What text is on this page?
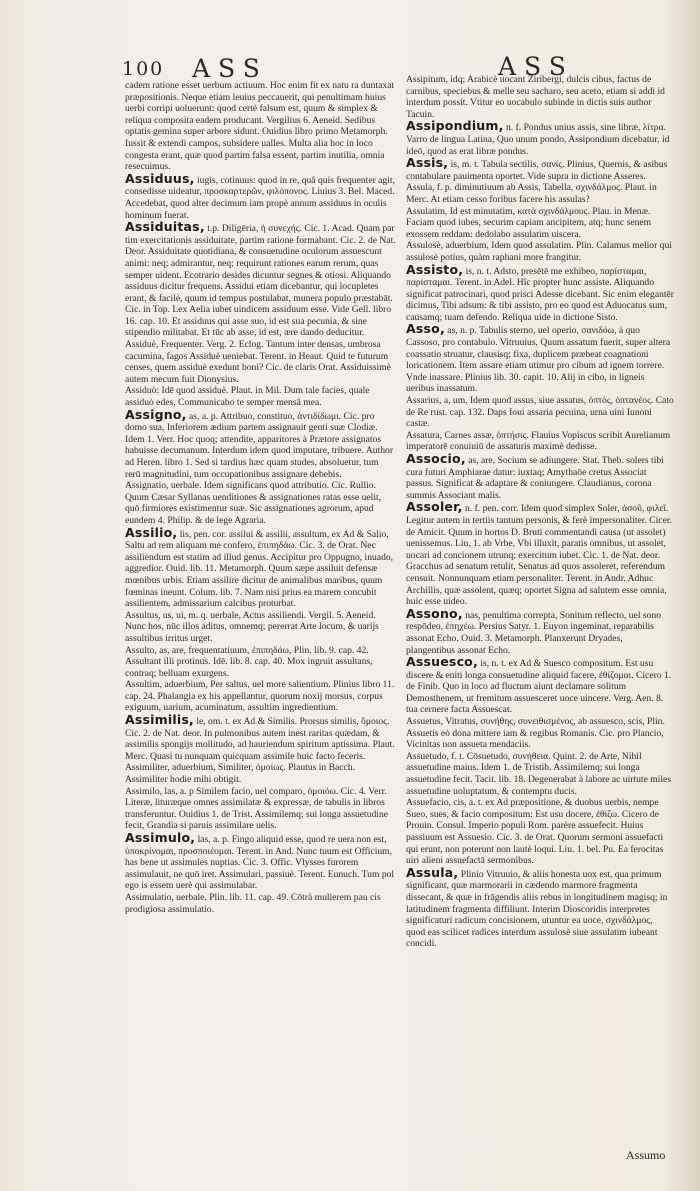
100 ASS	ASS
cadem ratione esset uerbum actiuum. Hoc enim fit ex natu ra duntaxat præpositionis. Neque etiam leuius peccauerit, qui penultimam huius uerbi corripi uoluerunt: quod certè falsum est, quum & simplex & reliqua composita eadem producant. Vergilius 6. Aeneid. Sedibus optatis gemina super arbore sidunt. Ouidius libro primo Metamorph. Iussit & extendi campos, subsidere ualles. Multa alia hoc in loco congesta erant, quæ quod partim falsa essent, partim inutilia, omnia resecuimus.
Assiduus, iugis, cotinuus: quod in re, quâ quis frequenter agit, consedisse uideatur, προσκαρτερῶν, φιλόπονος. Liuius 3. Bel. Maced. Accedebat, quod alter decimum iam propè annum assiduus in oculis hominum fuerat.
Assiduitas, t.p. Diligēria, ἡ συνεχής. Cic. 1. Acad. Quam par tim exercitationis assiduitate, partim ratione formabant. Cic. 2. de Nat. Deor. Assiduitate quotidiana, & consuetudine oculorum assuescunt animi: neq; admirantur, neq; requirunt rationes earum rerum, quas semper uident. Ecotrario desides dicuntur segnes & otiosi. Aliquando assiduus dicitur frequens. Assidui etiam dicebantur, qui locupletes erant, & facilè, quum id tempus postulabat, munera populo præstabāt. Cic. in Top. Lex Aelia iubet uindicem assiduum esse. Vide Gell. libro 16. cap. 10. Et assiduus qui asse suo, id est sua pecunia, & sine stipendio militabat. Et tūc ab asse, id est, ære dando deducitur.
Assiduè, Frequenter. Verg. 2. Eclog. Tantum inter densas, umbrosa cacumina, fagos Assiduè ueniebat. Terent. in Heaut. Quid te futurum censes, quem assiduè exedunt boni? Cic. de claris Orat. Assiduissimè autem mecum fuit Dionysius.
Assiduò: Idē quod assiduè. Plaut. in Mil. Dum tale facies, quale assiduò edes, Communicabo te semper mensâ mea.
Assigno, as, a. p. Attribuo, constituo, ἀντιδίδωμι. Cic. pro domo sua, Inferiorem ædium partem assignauit genti suæ Clodiæ. Idem 1. Verr. Hoc quoq; attendite, apparitores à Prætore assignatos habuisse decumanum. Interdum idem quod imputare, tribuere. Author ad Heren. libro 1. Sed si tardius hæc quam studes, absoluetur, tum rerū magnitudini, tum occupationibus assignare debebis.
Assignatio, uerbale. Idem significans quod attributio. Cic. Rullio. Quum Cæsar Syllanas uenditiones & assignationes ratas esse uelit, quō firmiores existimentur suæ. Sic assignationes agrorum, apud eundem 4. Philip. & de lege Agraria.
Assilio, lis, pen. cor. assilui & assilii, assultum, ex Ad & Salio, Saltu ad rem aliquam me confero, ἐπιπηδάω. Cic. 3. de Orat. Nec assiliendum est statim ad illud genus. Accipitur pro Oppugno, inuado, aggredior. Ouid. lib. 11. Metamorph. Quum sæpe assiluit defensæ mœnibus urbis. Etiam assilire dicitur de animalibus maribus, quum fœminas ineunt. Colum. lib. 7. Nam nisi prius ea marem concubit assilientem, admissarium calcibus proturbat.
Assultus, us, ui, m. q. uerbale, Actus assiliendi. Vergil. 5. Aeneid. Nunc hos, nūc illos aditus, omnemq; pererrat Arte locum, & uarijs assultibus irritus urget.
Assulto, as, are, frequentatiuum, ἐπιπηδάω, Plin. lib. 9. cap. 42. Assultant illi protinus. Idē. lib. 8. cap. 40. Mox ingruit assultans, contraq; belluam exurgens.
Assultim, aduerbium, Per saltus, uel more salientium. Plinius libro 11. cap. 24. Phalangia ex his appellantur, quorum noxij morsus, corpus exiguum, uarium, acuminatum, assultim ingredientium.
Assimilis, le, om. t. ex Ad & Similis. Prorsus similis, ὅμοιος. Cic. 2. de Nat. deor. In pulmonibus autem inest raritas quædam, & assimilis spongijs mollitudo, ad hauriendum spiritum aptissima. Plaut. Merc. Quasi tu nunquam quicquam assimile huic facto feceris.
Assimiliter, aduerbium, Similiter, ὁμοίως. Plautus in Bacch. Assimiliter hodie mihi obtigit.
Assimilo, las, a. p Similem facio, uel comparo, ὁμοιόω. Cic. 4. Verr. Literæ, lituræque omnes assimilatæ & expressæ, de tabulis in libros transferuntur. Ouidius 1. de Trist. Assimilemq; sui longa assuetudine fecit, Grandia si paruis assimilare uelis.
Assimulo, las, a. p. Fingo aliquid esse, quod re uera non est, ὑποκρίνομαι, προσποιέομαι. Terent. in And. Nunc tuum est Officium, has bene ut assimules nuptias. Cic. 3. Offic. Vlysses furorem assimulauit, ne quō iret. Assimulari, passiuè. Terent. Eunuch. Tum pol ego is essem uerè qui assimulabar.
Assimulatio, uerbale. Plin. lib. 11. cap. 49. Cōtrà mulierem pau cis prodigiosa assimulatio.
Assipitum, idq; Arabicè uocant Ziribergi, dulcis cibus, factus de carnibus, speciebus & melle seu sacharo, seu aceto, etiam si addi id interdum possit. Vtitur eo uocabulo subinde in dictis suis author Tacuin.
Assipondium, n. f. Pondus unius assis, sine libræ, λίτρα. Varro de lingua Latina, Quo unum pondo, Assipondium dicebatur, id ideō, quod as erat libræ pondus.
Assis, is, m. t. Tabula sectilis, σανίς. Plinius, Quernis, & asibus contabulare pauimenta oportet. Vide supra in dictione Asseres.
Assula, f. p. diminutiuum ab Assis, Tabella, σχινδάλμος. Plaut. in Merc. At etiam cesso foribus facere his assulas?
Assulatim, Id est minutatim, κατὰ σχινδάλμους. Plau. in Menæ. Faciam quod iubes, securim capiam ancipitem, atq; hunc senem exossem reddam: dedolabo assulatim uiscera.
Assulosè, aduerbium, Idem quod assulatim. Plin. Calamus melior qui assulosè potius, quàm raphani more frangitur.
Assisto, is, n. t. Adsto, presētē me exhibeo, παρίσταμαι, παρίσταμαι. Terent. in Adel. Hîc propter hunc assiste. Aliquando significat patrocinari, quod prisci Adesse dicebant. Sic enim elegantēr dicimus, Tibi adsum: & tibi assisto, pro eo quod est Aduocatus sum, causamq; tuam defendo. Reliqua uide in dictione Sisto.
Asso, as, n. p. Tabulis sterno, uel operio, σανιδόω, à quo Cassoso, pro contabulo. Vitruuius, Quum assatum fuerit, super altera coassatio struatur, clausisq; fixa, duplicem præbeat coagnationi loricationem. Item assare etiam utimur pro cibum ad ignem torrere. Vnde inassare. Plinius lib. 30. capit. 10. Alij in cibo, in ligneis ueribus inassatum.
Assarius, a, um, Idem quod assus, siue assatus, ὀπτὸς, ὀπτανέος. Cato de Re rust. cap. 132. Daps Ioui assaria pecuina, urna uini Iunoni castæ.
Assatura, Carnes assæ, ὀπτήσις. Flauius Vopiscus scribit Aurelianum imperatorē conuiuiū de assaturis maximè dedisse.
Associo, as, are, Socium se adiungere. Stat. Theb. solers tibi cura futuri Amphiarae datur: iuxtaq; Amythaōe cretus Associat passus. Significat & adaptare & coniungere. Claudianus, corona summis Associant malis.
Assoler, n. f. pen. corr. Idem quod simplex Soler, ἀσοῦ, φιλεῖ. Legitur autem in tertiis tantum personis, & ferè impersonaliter. Cicer. de Amicit. Quum in hortos D. Bruti commentandi causa (ut assolet) uenissemus. Liu. 1. ab Vrbe, Vbi illuxit, paratis omnibus, ut assolet, uocari ad concionem utrunq; exercitum iubet. Cic. 1. de Nat. deor. Gracchus ad senatum retulit, Senatus ad quos assoleret, referendum censuit. Nonnunquam etiam personaliter. Terent. in Andr. Adhuc Archillis, quæ assolent, quæq; oportet Signa ad salutem esse omnia, huic esse uideo.
Assono, nas, penultima correpta, Sonitum reflecto, uel sono respōdeo, ἐπηχέω. Persius Satyr. 1. Euyon ingeminat, reparabilis assonat Echo. Ouid. 3. Metamorph. Planxerunt Dryades, plangentibus assonat Echo.
Assuesco, is, n. t. ex Ad & Suesco compositum. Est usu discere & eniti longa consuetudine aliquid facere, ἐθίζομαι. Cicero 1. de Finib. Quo in loco ad fluctum aiunt declamare solitum Demosthenem, ut fremitum assuesceret uoce uincere. Verg. Aen. 8. tua cernere facta Assuescat.
Assuetus, Vitratus, συνήθης, συνειθισμένος, ab assuesco, scis, Plin. Assuetis eò dona mittere iam & regibus Romanis. Cic. pro Plancio, Vicinitas non assueta mendaciis.
Assuetudo, f. t. Cōsuetudo, συνήθεια. Quint. 2. de Arte, Nihil assuetudine maius. Idem 1. de Tristib. Assimilemq; sui longa assuetudine fecit. Tacit. lib. 18. Degenerabat à labore ac uirtute miles assuetudine uoluptatum, & contemptu ducis.
Assuefacio, cis, a. t. ex Ad præpositione, & duobus uerbis, nempe Sueo, sues, & facio compositum: Est usu docere, ἐθίζω. Cicero de Prouin. Consul. Imperio populi Rom. parère assuefecit. Huius passiuum est Assuesio. Cic. 3. de Orat. Quorum sermoni assuefacti qui erunt, non poterunt non lautè loqui. Liu. 1. bel. Pu. Ea ferocitas uiri alieni assuefactā sermonibus.
Assula, Plinio Vitruuio, & aliis honesta uox est, qua primum significant, quæ marmorarii in cædendo marmore fragmenta dissecant, & quæ in frāgendis aliis rebus in longitudinem magisq; in latitudinem fragmenta diffiliunt. Interim Dioscoridis interpretes significaturi radicum concisionem, utuntur ea uoce, σχινδάλμος, quod eas scilicet radices interdum assulosè siue assulatim iubeant concidi.
Assumo
